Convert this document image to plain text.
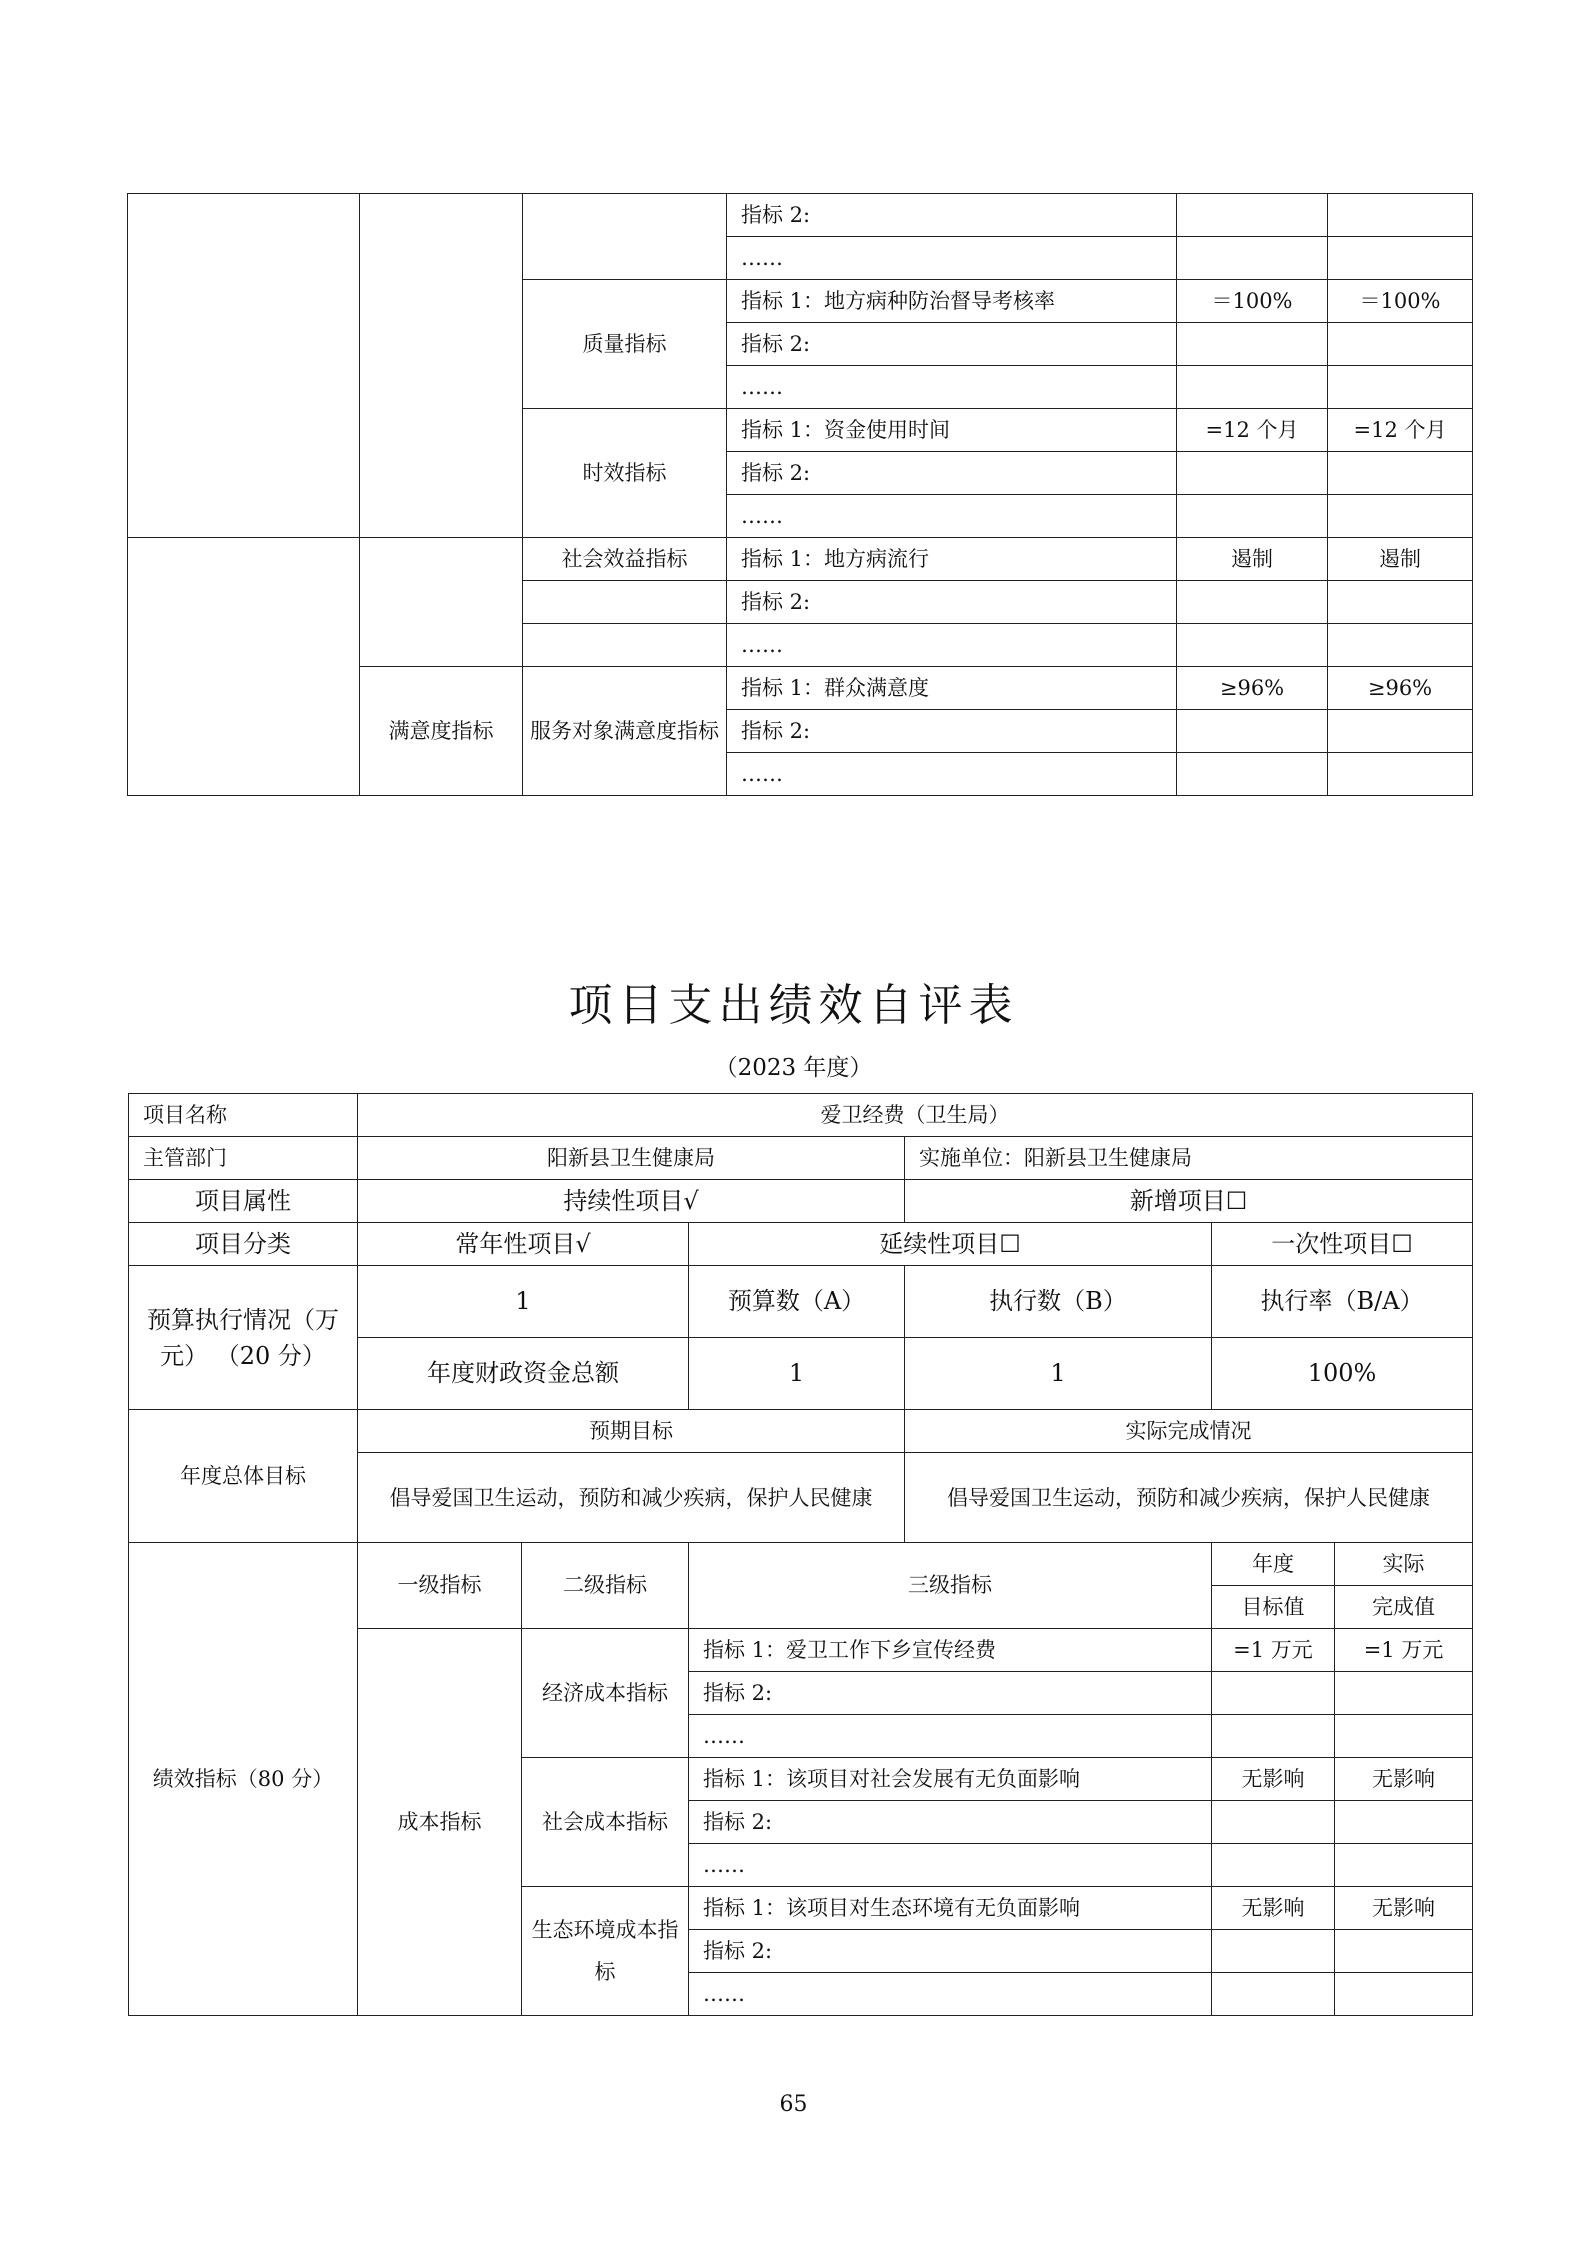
			指标 2:		
			……		
		质量指标	指标 1：地方病种防治督导考核率	＝100%	＝100%
			指标 2:		
			……		
		时效指标	指标 1：资金使用时间	=12 个月	=12 个月
			指标 2:		
			……		
		社会效益指标	指标 1：地方病流行	遏制	遏制
			指标 2:		
			……		
	满意度指标	服务对象满意度指标	指标 1：群众满意度	≥96%	≥96%
			指标 2:		
			……		
项目支出绩效自评表
（2023 年度）
项目名称	爱卫经费（卫生局）					
主管部门	阳新县卫生健康局			实施单位：阳新县卫生健康局		
项目属性	持续性项目√			新增项目☐		
项目分类	常年性项目√		延续性项目☐		一次性项目☐	
预算执行情况（万元） （20 分）	1		预算数（A）	执行数（B）	执行率（B/A）	
	年度财政资金总额		1	1	100%	
年度总体目标	预期目标			实际完成情况		
	倡导爱国卫生运动，预防和减少疾病，保护人民健康			倡导爱国卫生运动，预防和减少疾病，保护人民健康		
绩效指标（80 分）	一级指标	二级指标	三级指标		年度	实际
					目标值	完成值
	成本指标	经济成本指标	指标 1：爱卫工作下乡宣传经费		=1 万元	=1 万元
			指标 2:			
			……			
		社会成本指标	指标 1：该项目对社会发展有无负面影响		无影响	无影响
			指标 2:			
			……			
		生态环境成本指标	指标 1：该项目对生态环境有无负面影响		无影响	无影响
			指标 2:			
			……			
65
